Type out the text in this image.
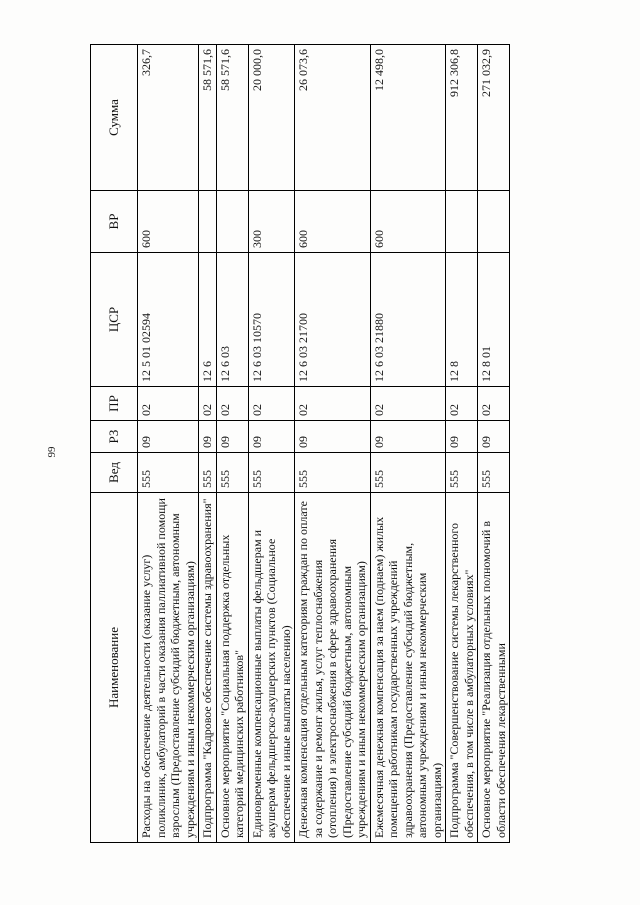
99
Наименование	Вед	РЗ	ПР	ЦСР	ВР	Сумма
Расходы на обеспечение деятельности (оказание услуг) поликлиник, амбулаторий в части оказания паллиативной помощи взрослым (Предоставление субсидий бюджетным, автономным учреждениям и иным некоммерческим организациям)	555	09	02	12 5 01 02594	600	326,7
Подпрограмма "Кадровое обеспечение системы здравоохранения"	555	09	02	12 6		58 571,6
Основное мероприятие "Социальная поддержка отдельных категорий медицинских работников"	555	09	02	12 6 03		58 571,6
Единовременные компенсационные выплаты фельдшерам и акушерам фельдшерско-акушерских пунктов (Социальное обеспечение и иные выплаты населению)	555	09	02	12 6 03 10570	300	20 000,0
Денежная компенсация отдельным категориям граждан по оплате за содержание и ремонт жилья, услуг теплоснабжения (отопления) и электроснабжения в сфере здравоохранения (Предоставление субсидий бюджетным, автономным учреждениям и иным некоммерческим организациям)	555	09	02	12 6 03 21700	600	26 073,6
Ежемесячная денежная компенсация за наем (поднаем) жилых помещений работникам государственных учреждений здравоохранения (Предоставление субсидий бюджетным, автономным учреждениям и иным некоммерческим организациям)	555	09	02	12 6 03 21880	600	12 498,0
Подпрограмма "Совершенствование системы лекарственного обеспечения, в том числе в амбулаторных условиях"	555	09	02	12 8		912 306,8
Основное мероприятие "Реализация отдельных полномочий в области обеспечения лекарственными	555	09	02	12 8 01		271 032,9
